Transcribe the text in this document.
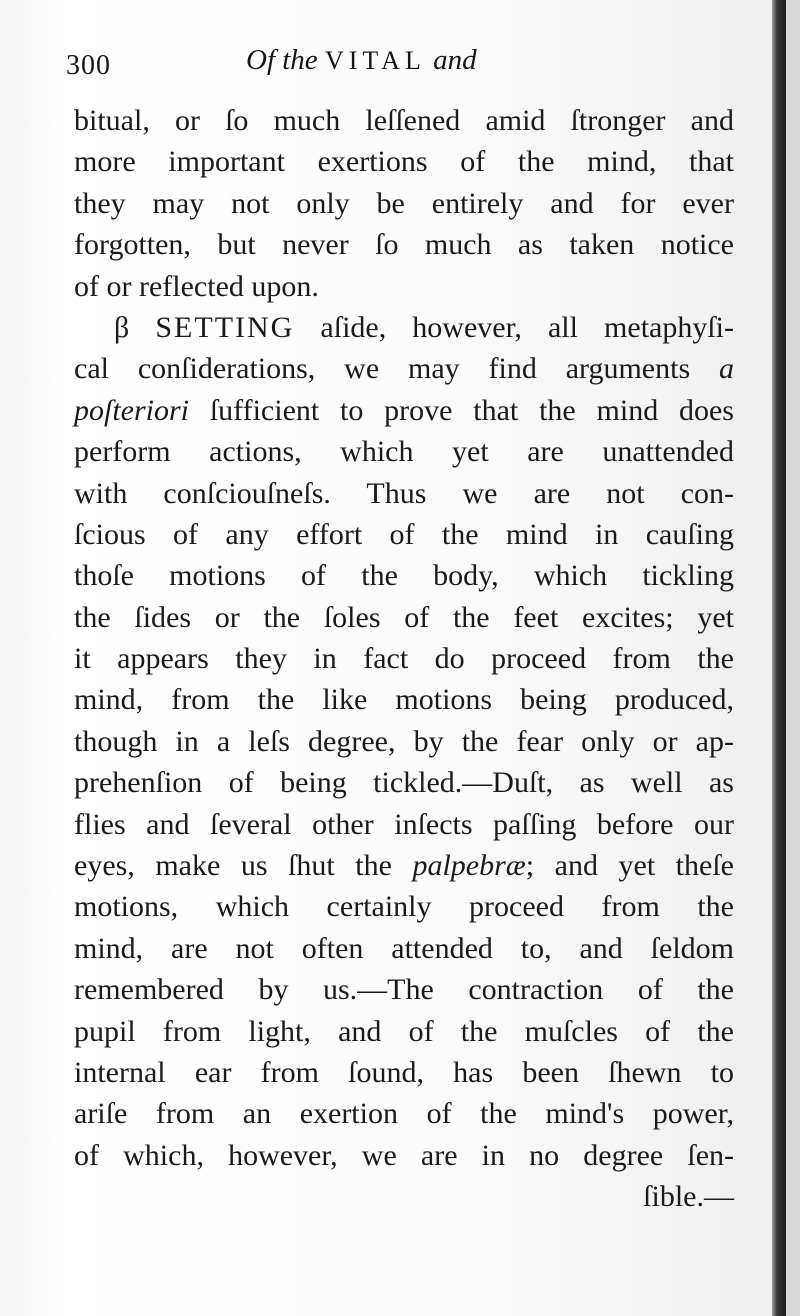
300	Of the VITAL and
bitual, or ſo much leſſened amid ſtronger and
more important exertions of the mind, that
they may not only be entirely and for ever
forgotten, but never ſo much as taken notice
of or reflected upon.
β SETTING aſide, however, all metaphyſi-
cal conſiderations, we may find arguments a
poſteriori ſufficient to prove that the mind does
perform actions, which yet are unattended
with conſciouſneſs. Thus we are not con-
ſcious of any effort of the mind in cauſing
thoſe motions of the body, which tickling
the ſides or the ſoles of the feet excites; yet
it appears they in fact do proceed from the
mind, from the like motions being produced,
though in a leſs degree, by the fear only or ap-
prehenſion of being tickled.—Duſt, as well as
flies and ſeveral other inſects paſſing before our
eyes, make us ſhut the palpebræ; and yet theſe
motions, which certainly proceed from the
mind, are not often attended to, and ſeldom
remembered by us.—The contraction of the
pupil from light, and of the muſcles of the
internal ear from ſound, has been ſhewn to
ariſe from an exertion of the mind's power,
of which, however, we are in no degree ſen-
ſible.—
